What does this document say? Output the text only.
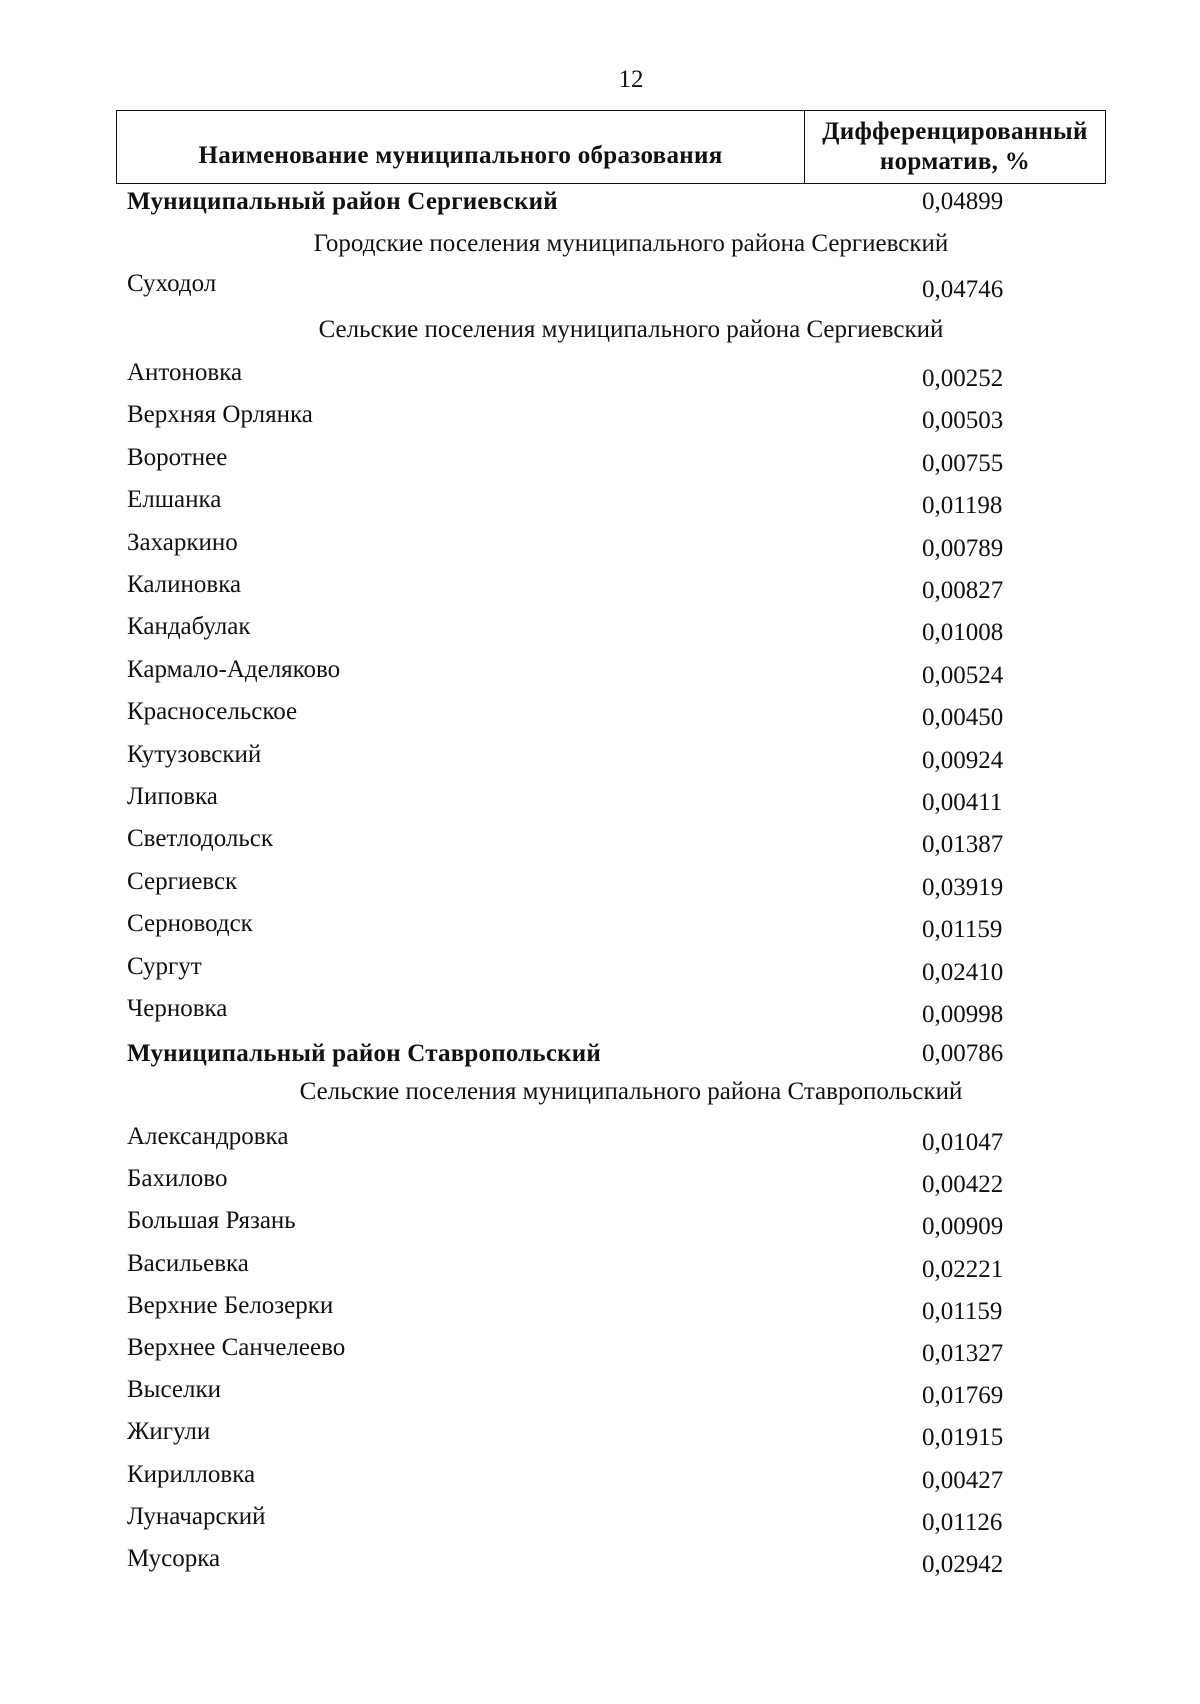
12
Наименование муниципального образования
Дифференцированный
норматив, %
Муниципальный район Сергиевский	0,04899
Городские поселения муниципального района Сергиевский
Суходол	0,04746
Сельские поселения муниципального района Сергиевский
Антоновка	0,00252
Верхняя Орлянка	0,00503
Воротнее	0,00755
Елшанка	0,01198
Захаркино	0,00789
Калиновка	0,00827
Кандабулак	0,01008
Кармало-Аделяково	0,00524
Красносельское	0,00450
Кутузовский	0,00924
Липовка	0,00411
Светлодольск	0,01387
Сергиевск	0,03919
Серноводск	0,01159
Сургут	0,02410
Черновка	0,00998
Муниципальный район Ставропольский	0,00786
Сельские поселения муниципального района Ставропольский
Александровка	0,01047
Бахилово	0,00422
Большая Рязань	0,00909
Васильевка	0,02221
Верхние Белозерки	0,01159
Верхнее Санчелеево	0,01327
Выселки	0,01769
Жигули	0,01915
Кирилловка	0,00427
Луначарский	0,01126
Мусорка	0,02942
